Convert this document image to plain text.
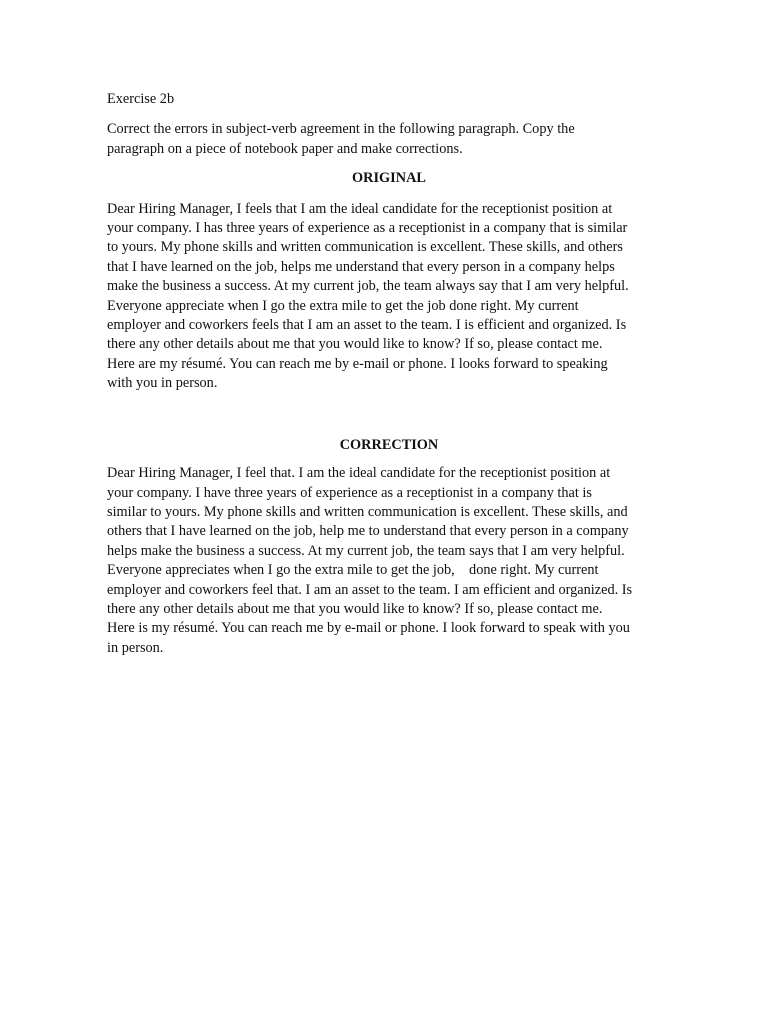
Exercise 2b
Correct the errors in subject-verb agreement in the following paragraph. Copy the
paragraph on a piece of notebook paper and make corrections.
ORIGINAL
Dear Hiring Manager, I feels that I am the ideal candidate for the receptionist position at
your company. I has three years of experience as a receptionist in a company that is similar
to yours. My phone skills and written communication is excellent. These skills, and others
that I have learned on the job, helps me understand that every person in a company helps
make the business a success. At my current job, the team always say that I am very helpful.
Everyone appreciate when I go the extra mile to get the job done right. My current
employer and coworkers feels that I am an asset to the team. I is efficient and organized. Is
there any other details about me that you would like to know? If so, please contact me.
Here are my résumé. You can reach me by e-mail or phone. I looks forward to speaking
with you in person.
CORRECTION
Dear Hiring Manager, I feel that. I am the ideal candidate for the receptionist position at
your company. I have three years of experience as a receptionist in a company that is
similar to yours. My phone skills and written communication is excellent. These skills, and
others that I have learned on the job, help me to understand that every person in a company
helps make the business a success. At my current job, the team says that I am very helpful.
Everyone appreciates when I go the extra mile to get the job,    done right. My current
employer and coworkers feel that. I am an asset to the team. I am efficient and organized. Is
there any other details about me that you would like to know? If so, please contact me.
Here is my résumé. You can reach me by e-mail or phone. I look forward to speak with you
in person.
